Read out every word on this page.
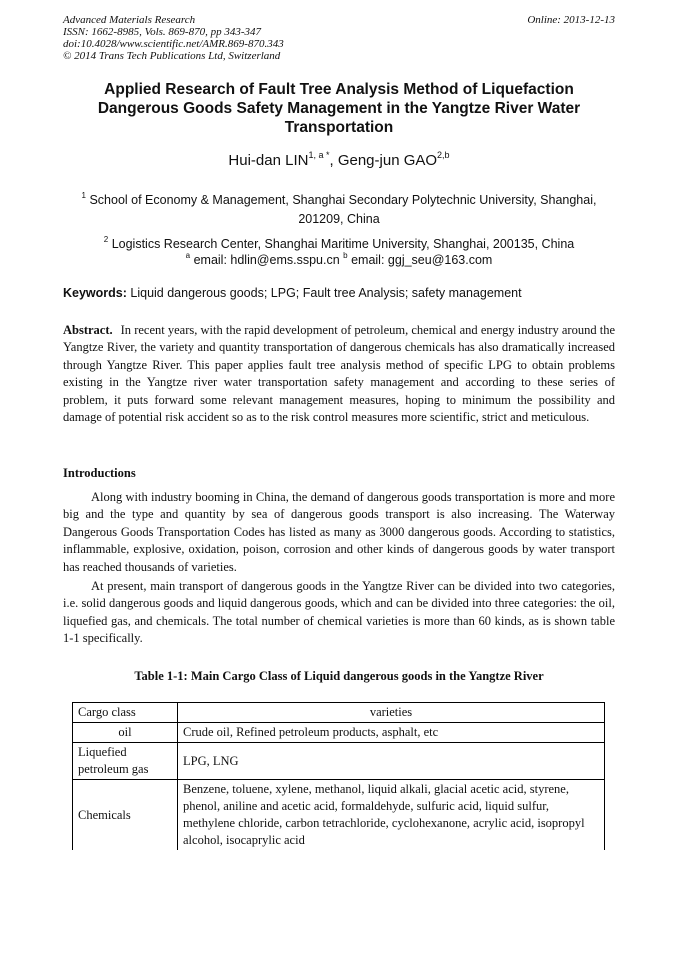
Advanced Materials Research
ISSN: 1662-8985, Vols. 869-870, pp 343-347
doi:10.4028/www.scientific.net/AMR.869-870.343
© 2014 Trans Tech Publications Ltd, Switzerland
Online: 2013-12-13
Applied Research of Fault Tree Analysis Method of Liquefaction Dangerous Goods Safety Management in the Yangtze River Water Transportation
Hui-dan $LIN^{1, a *}$, Geng-jun GAO$^{2,b}$
$^1$ School of Economy & Management, Shanghai Secondary Polytechnic University, Shanghai, 201209, China
$^2$ Logistics Research Center, Shanghai Maritime University, Shanghai, 200135, China
$^a$ email: hdlin@ems.sspu.cn $^b$ email: ggj_seu@163.com
Keywords: Liquid dangerous goods; LPG; Fault tree Analysis; safety management
Abstract. In recent years, with the rapid development of petroleum, chemical and energy industry around the Yangtze River, the variety and quantity transportation of dangerous chemicals has also dramatically increased through Yangtze River. This paper applies fault tree analysis method of specific LPG to obtain problems existing in the Yangtze river water transportation safety management and according to these series of problem, it puts forward some relevant management measures, hoping to minimum the possibility and damage of potential risk accident so as to the risk control measures more scientific, strict and meticulous.
Introductions
Along with industry booming in China, the demand of dangerous goods transportation is more and more big and the type and quantity by sea of dangerous goods transport is also increasing. The Waterway Dangerous Goods Transportation Codes has listed as many as 3000 dangerous goods. According to statistics, inflammable, explosive, oxidation, poison, corrosion and other kinds of dangerous goods by water transport has reached thousands of varieties.
At present, main transport of dangerous goods in the Yangtze River can be divided into two categories, i.e. solid dangerous goods and liquid dangerous goods, which and can be divided into three categories: the oil, liquefied gas, and chemicals. The total number of chemical varieties is more than 60 kinds, as is shown table 1-1 specifically.
Table 1-1: Main Cargo Class of Liquid dangerous goods in the Yangtze River
Cargo class	varieties
oil	Crude oil, Refined petroleum products, asphalt, etc
Liquefied petroleum gas	LPG, LNG
Chemicals	Benzene, toluene, xylene, methanol, liquid alkali, glacial acetic acid, styrene, phenol, aniline and acetic acid, formaldehyde, sulfuric acid, liquid sulfur, methylene chloride, carbon tetrachloride, cyclohexanone, acrylic acid, isopropyl alcohol, isocaprylic acid
